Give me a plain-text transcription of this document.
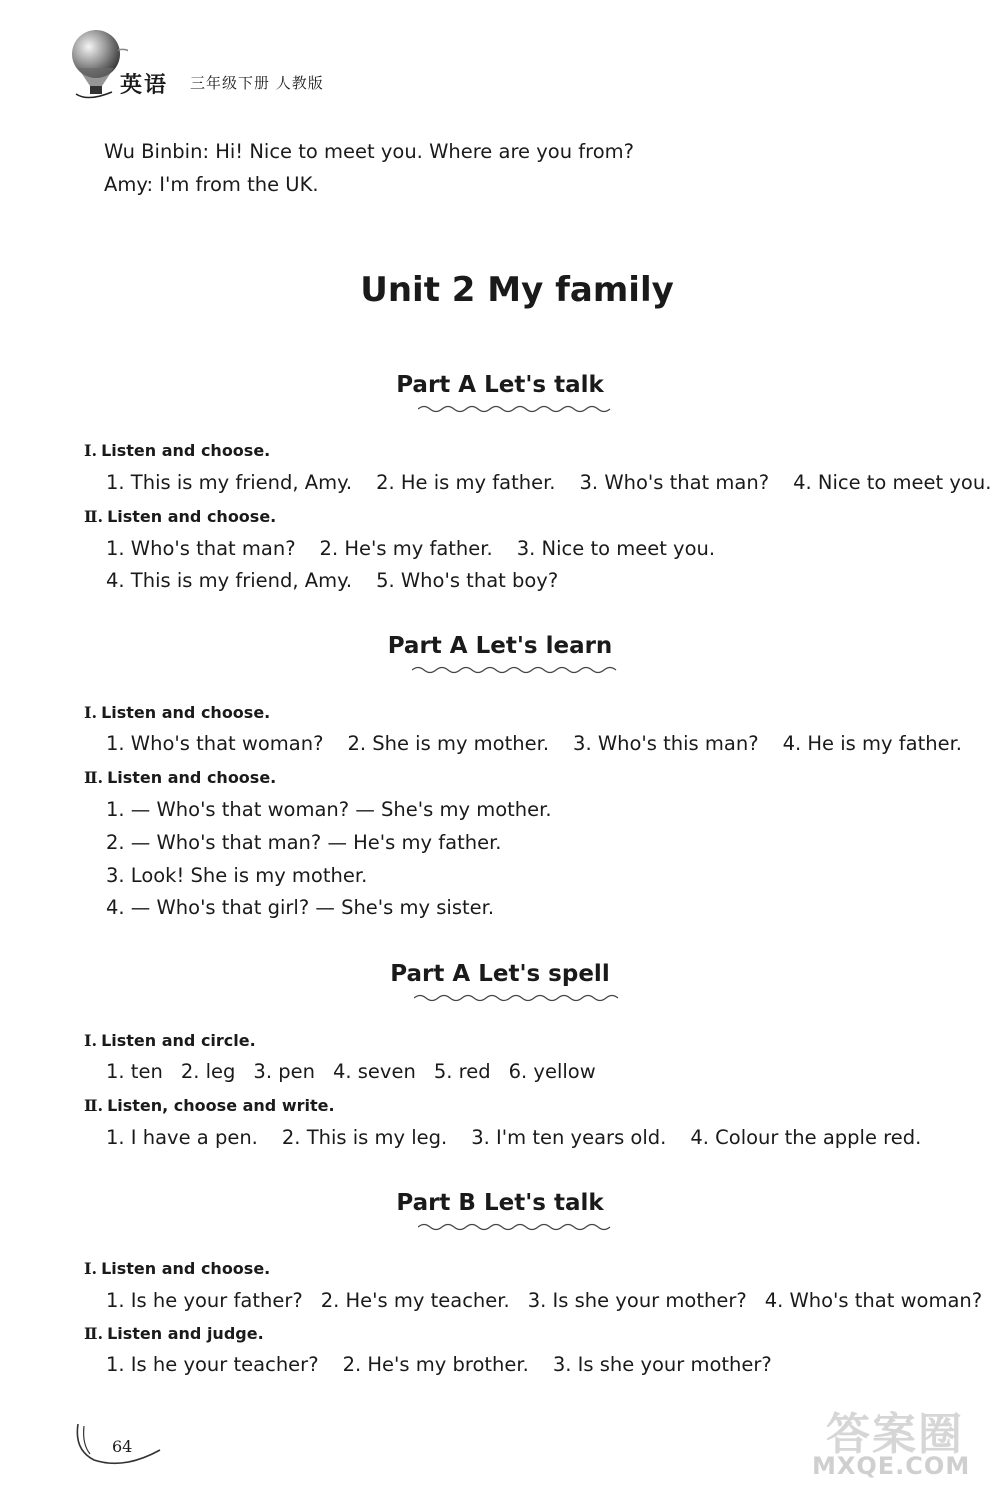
英语 三年级下册 人教版
Wu Binbin: Hi! Nice to meet you. Where are you from?
Amy: I'm from the UK.
Unit 2 My family
Part A Let's talk
Ⅰ. Listen and choose.
1. This is my friend, Amy. 2. He is my father. 3. Who's that man? 4. Nice to meet you.
Ⅱ. Listen and choose.
1. Who's that man? 2. He's my father. 3. Nice to meet you.
4. This is my friend, Amy. 5. Who's that boy?
Part A Let's learn
Ⅰ. Listen and choose.
1. Who's that woman? 2. She is my mother. 3. Who's this man? 4. He is my father.
Ⅱ. Listen and choose.
1. — Who's that woman? — She's my mother.
2. — Who's that man? — He's my father.
3. Look! She is my mother.
4. — Who's that girl? — She's my sister.
Part A Let's spell
Ⅰ. Listen and circle.
1. ten 2. leg 3. pen 4. seven 5. red 6. yellow
Ⅱ. Listen, choose and write.
1. I have a pen. 2. This is my leg. 3. I'm ten years old. 4. Colour the apple red.
Part B Let's talk
Ⅰ. Listen and choose.
1. Is he your father? 2. He's my teacher. 3. Is she your mother? 4. Who's that woman?
Ⅱ. Listen and judge.
1. Is he your teacher? 2. He's my brother. 3. Is she your mother?
64	答案圈
MXQE.COM
